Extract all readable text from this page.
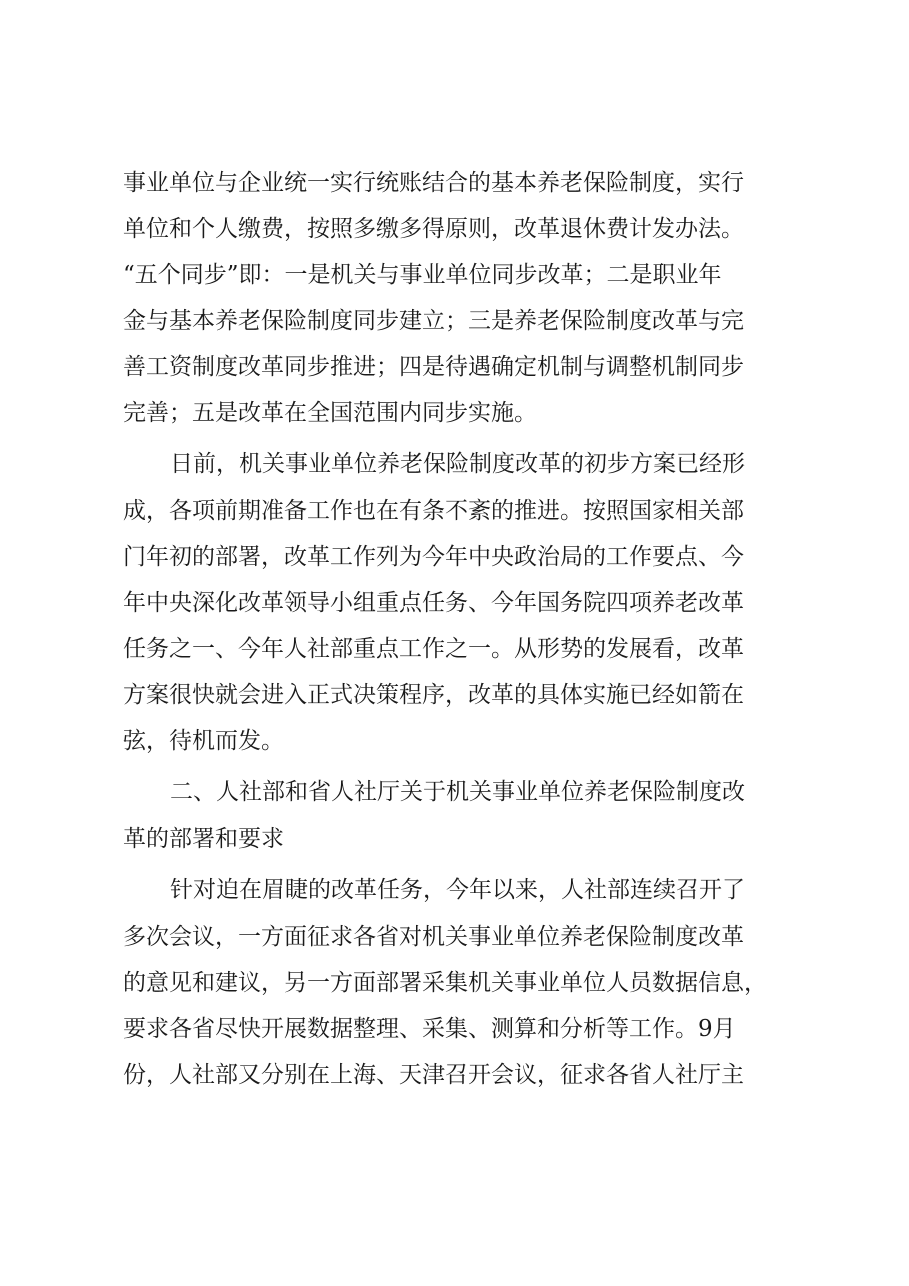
事业单位与企业统一实行统账结合的基本养老保险制度，实行
单位和个人缴费，按照多缴多得原则，改革退休费计发办法。
“五个同步”即：一是机关与事业单位同步改革；二是职业年
金与基本养老保险制度同步建立；三是养老保险制度改革与完
善工资制度改革同步推进；四是待遇确定机制与调整机制同步
完善；五是改革在全国范围内同步实施。
日前，机关事业单位养老保险制度改革的初步方案已经形
成，各项前期准备工作也在有条不紊的推进。按照国家相关部
门年初的部署，改革工作列为今年中央政治局的工作要点、今
年中央深化改革领导小组重点任务、今年国务院四项养老改革
任务之一、今年人社部重点工作之一。从形势的发展看，改革
方案很快就会进入正式决策程序，改革的具体实施已经如箭在
弦，待机而发。
二、人社部和省人社厅关于机关事业单位养老保险制度改
革的部署和要求
针对迫在眉睫的改革任务，今年以来，人社部连续召开了
多次会议，一方面征求各省对机关事业单位养老保险制度改革
的意见和建议，另一方面部署采集机关事业单位人员数据信息，
要求各省尽快开展数据整理、采集、测算和分析等工作。9月
份，人社部又分别在上海、天津召开会议，征求各省人社厅主
